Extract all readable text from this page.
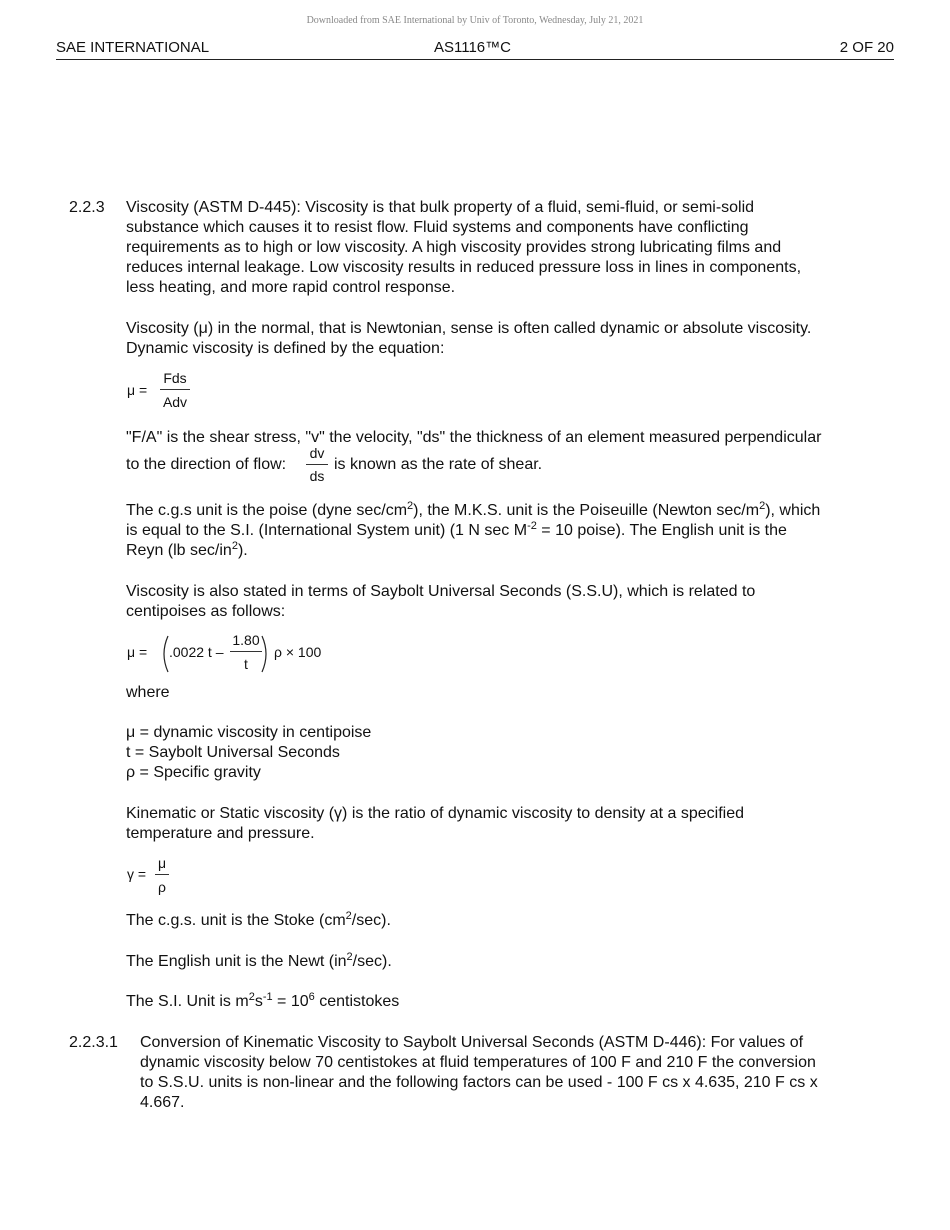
Downloaded from SAE International by Univ of Toronto, Wednesday, July 21, 2021
SAE INTERNATIONAL	AS1116™C	2 OF 20
2.2.3 Viscosity (ASTM D-445): Viscosity is that bulk property of a fluid, semi-fluid, or semi-solid
substance which causes it to resist flow. Fluid systems and components have conflicting
requirements as to high or low viscosity. A high viscosity provides strong lubricating films and
reduces internal leakage. Low viscosity results in reduced pressure loss in lines in components,
less heating, and more rapid control response.
Viscosity (μ) in the normal, that is Newtonian, sense is often called dynamic or absolute viscosity.
Dynamic viscosity is defined by the equation:
μ =
Fds
Adv
"F/A" is the shear stress, "v" the velocity, "ds" the thickness of an element measured perpendicular
to the direction of flow:
dv
ds
is known as the rate of shear.
The c.g.s unit is the poise (dyne $\sec/cm^2$), the M.K.S. unit is the Poiseuille (Newton $\sec/m^2$), which
is equal to the S.I. (International System unit) (1 N $\sec M^{-2} = 10$ poise). The English unit is the
Reyn (lb $\sec/in^2$).
Viscosity is also stated in terms of Saybolt Universal Seconds (S.S.U), which is related to
centipoises as follows:
μ = .0022 t –
1.80
t
ρ × 100
where
μ = dynamic viscosity in centipoise
t = Saybolt Universal Seconds
ρ = Specific gravity
Kinematic or Static viscosity (γ) is the ratio of dynamic viscosity to density at a specified
temperature and pressure.
γ =
μ
ρ
The c.g.s. unit is the Stoke $(cm^2/\sec)$.
The English unit is the Newt $(in^2/\sec)$.
The S.I. Unit is $m^2s^{-1} = 10^6$ centistokes
2.2.3.1 Conversion of Kinematic Viscosity to Saybolt Universal Seconds (ASTM D-446): For values of
dynamic viscosity below 70 centistokes at fluid temperatures of 100 F and 210 F the conversion
to S.S.U. units is non-linear and the following factors can be used - 100 F cs x 4.635, 210 F cs x
4.667.
